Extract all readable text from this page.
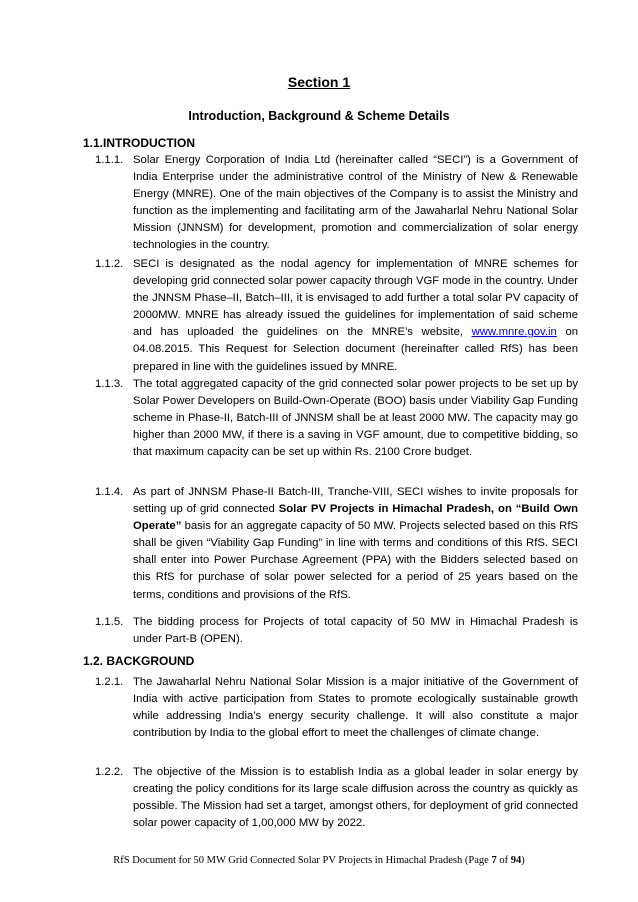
Section 1
Introduction, Background & Scheme Details
1.1.INTRODUCTION
1.1.1. Solar Energy Corporation of India Ltd (hereinafter called “SECI”) is a Government of India Enterprise under the administrative control of the Ministry of New & Renewable Energy (MNRE). One of the main objectives of the Company is to assist the Ministry and function as the implementing and facilitating arm of the Jawaharlal Nehru National Solar Mission (JNNSM) for development, promotion and commercialization of solar energy technologies in the country.
1.1.2. SECI is designated as the nodal agency for implementation of MNRE schemes for developing grid connected solar power capacity through VGF mode in the country. Under the JNNSM Phase–II, Batch–III, it is envisaged to add further a total solar PV capacity of 2000MW. MNRE has already issued the guidelines for implementation of said scheme and has uploaded the guidelines on the MNRE’s website, www.mnre.gov.in on 04.08.2015. This Request for Selection document (hereinafter called RfS) has been prepared in line with the guidelines issued by MNRE.
1.1.3. The total aggregated capacity of the grid connected solar power projects to be set up by Solar Power Developers on Build-Own-Operate (BOO) basis under Viability Gap Funding scheme in Phase-II, Batch-III of JNNSM shall be at least 2000 MW. The capacity may go higher than 2000 MW, if there is a saving in VGF amount, due to competitive bidding, so that maximum capacity can be set up within Rs. 2100 Crore budget.
1.1.4. As part of JNNSM Phase-II Batch-III, Tranche-VIII, SECI wishes to invite proposals for setting up of grid connected Solar PV Projects in Himachal Pradesh, on “Build Own Operate” basis for an aggregate capacity of 50 MW. Projects selected based on this RfS shall be given “Viability Gap Funding” in line with terms and conditions of this RfS. SECI shall enter into Power Purchase Agreement (PPA) with the Bidders selected based on this RfS for purchase of solar power selected for a period of 25 years based on the terms, conditions and provisions of the RfS.
1.1.5. The bidding process for Projects of total capacity of 50 MW in Himachal Pradesh is under Part-B (OPEN).
1.2. BACKGROUND
1.2.1. The Jawaharlal Nehru National Solar Mission is a major initiative of the Government of India with active participation from States to promote ecologically sustainable growth while addressing India’s energy security challenge. It will also constitute a major contribution by India to the global effort to meet the challenges of climate change.
1.2.2. The objective of the Mission is to establish India as a global leader in solar energy by creating the policy conditions for its large scale diffusion across the country as quickly as possible. The Mission had set a target, amongst others, for deployment of grid connected solar power capacity of 1,00,000 MW by 2022.
RfS Document for 50 MW Grid Connected Solar PV Projects in Himachal Pradesh (Page 7 of 94)
